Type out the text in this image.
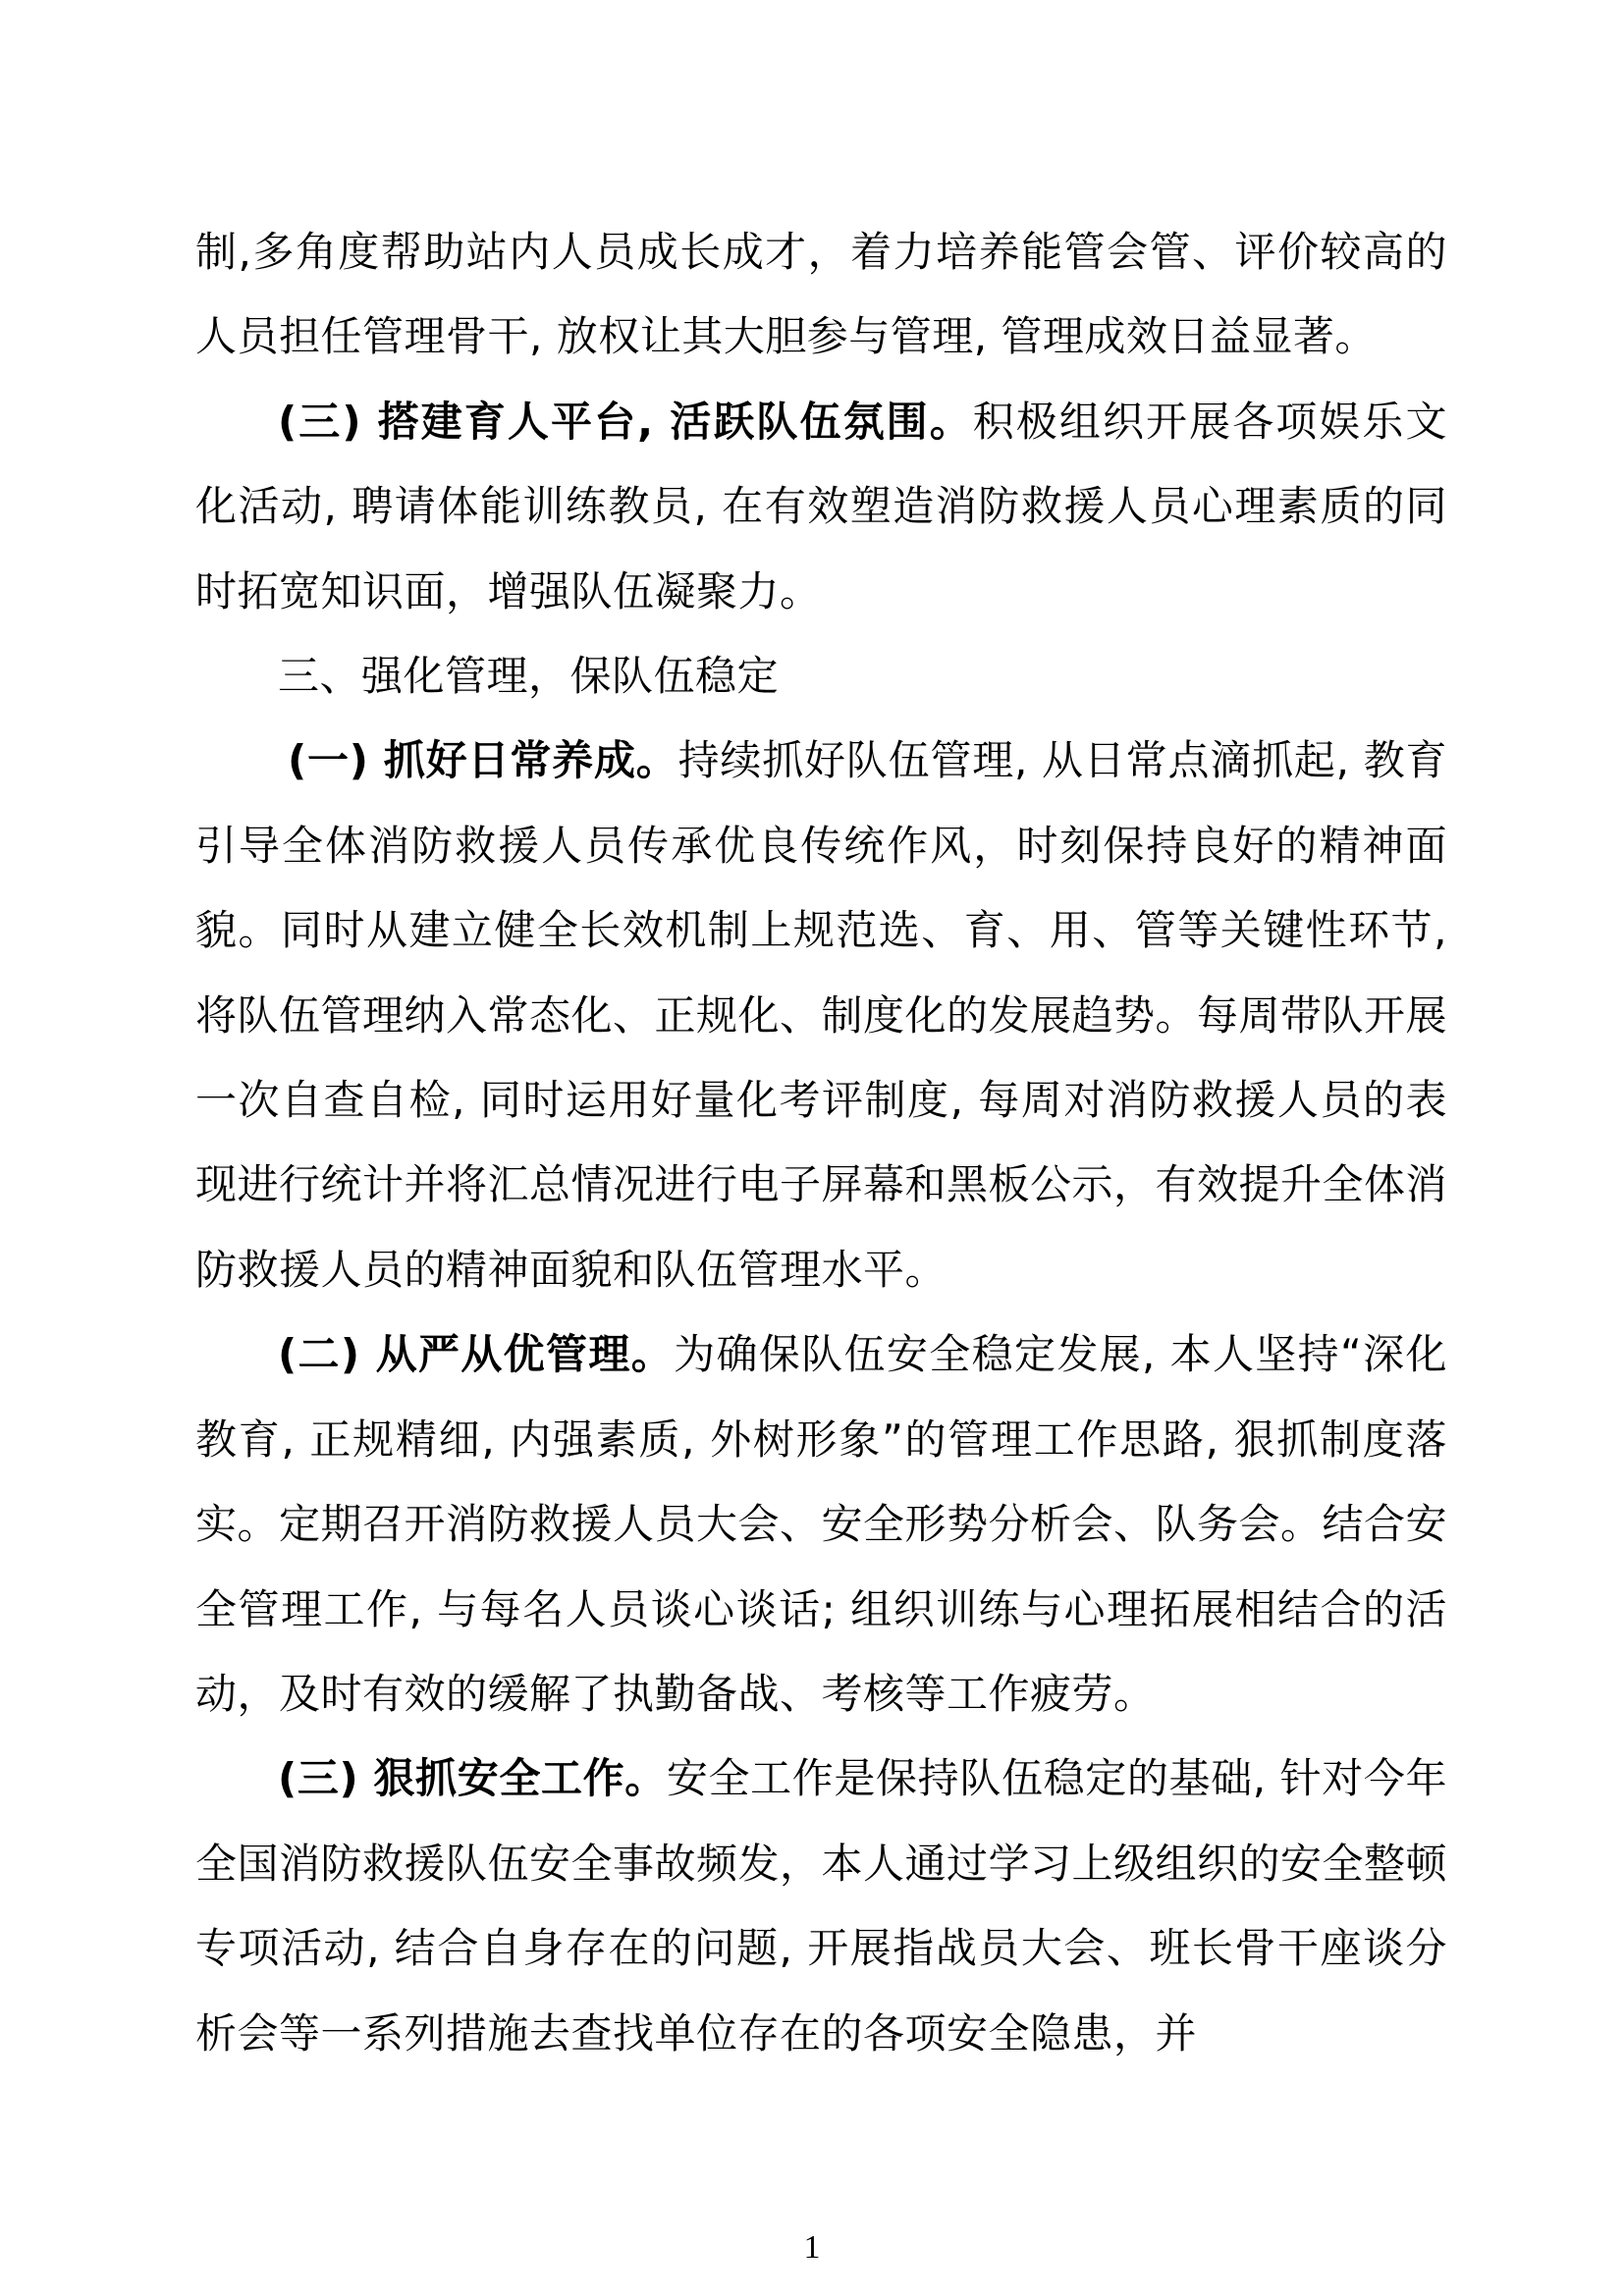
制,多角度帮助站内人员成长成才，着力培养能管会管、评价较高的人员担任管理骨干, 放权让其大胆参与管理, 管理成效日益显著。

(三) 搭建育人平台, 活跃队伍氛围。积极组织开展各项娱乐文化活动, 聘请体能训练教员, 在有效塑造消防救援人员心理素质的同时拓宽知识面，增强队伍凝聚力。

三、强化管理，保队伍稳定

(一) 抓好日常养成。持续抓好队伍管理, 从日常点滴抓起, 教育引导全体消防救援人员传承优良传统作风，时刻保持良好的精神面貌。同时从建立健全长效机制上规范选、育、用、管等关键性环节, 将队伍管理纳入常态化、正规化、制度化的发展趋势。每周带队开展一次自查自检, 同时运用好量化考评制度, 每周对消防救援人员的表现进行统计并将汇总情况进行电子屏幕和黑板公示，有效提升全体消防救援人员的精神面貌和队伍管理水平。

(二) 从严从优管理。为确保队伍安全稳定发展, 本人坚持“深化教育, 正规精细, 内强素质, 外树形象”的管理工作思路, 狠抓制度落实。定期召开消防救援人员大会、安全形势分析会、队务会。结合安全管理工作, 与每名人员谈心谈话; 组织训练与心理拓展相结合的活动，及时有效的缓解了执勤备战、考核等工作疲劳。

(三) 狠抓安全工作。安全工作是保持队伍稳定的基础, 针对今年全国消防救援队伍安全事故频发，本人通过学习上级组织的安全整顿专项活动, 结合自身存在的问题, 开展指战员大会、班长骨干座谈分析会等一系列措施去查找单位存在的各项安全隐患，并

1
